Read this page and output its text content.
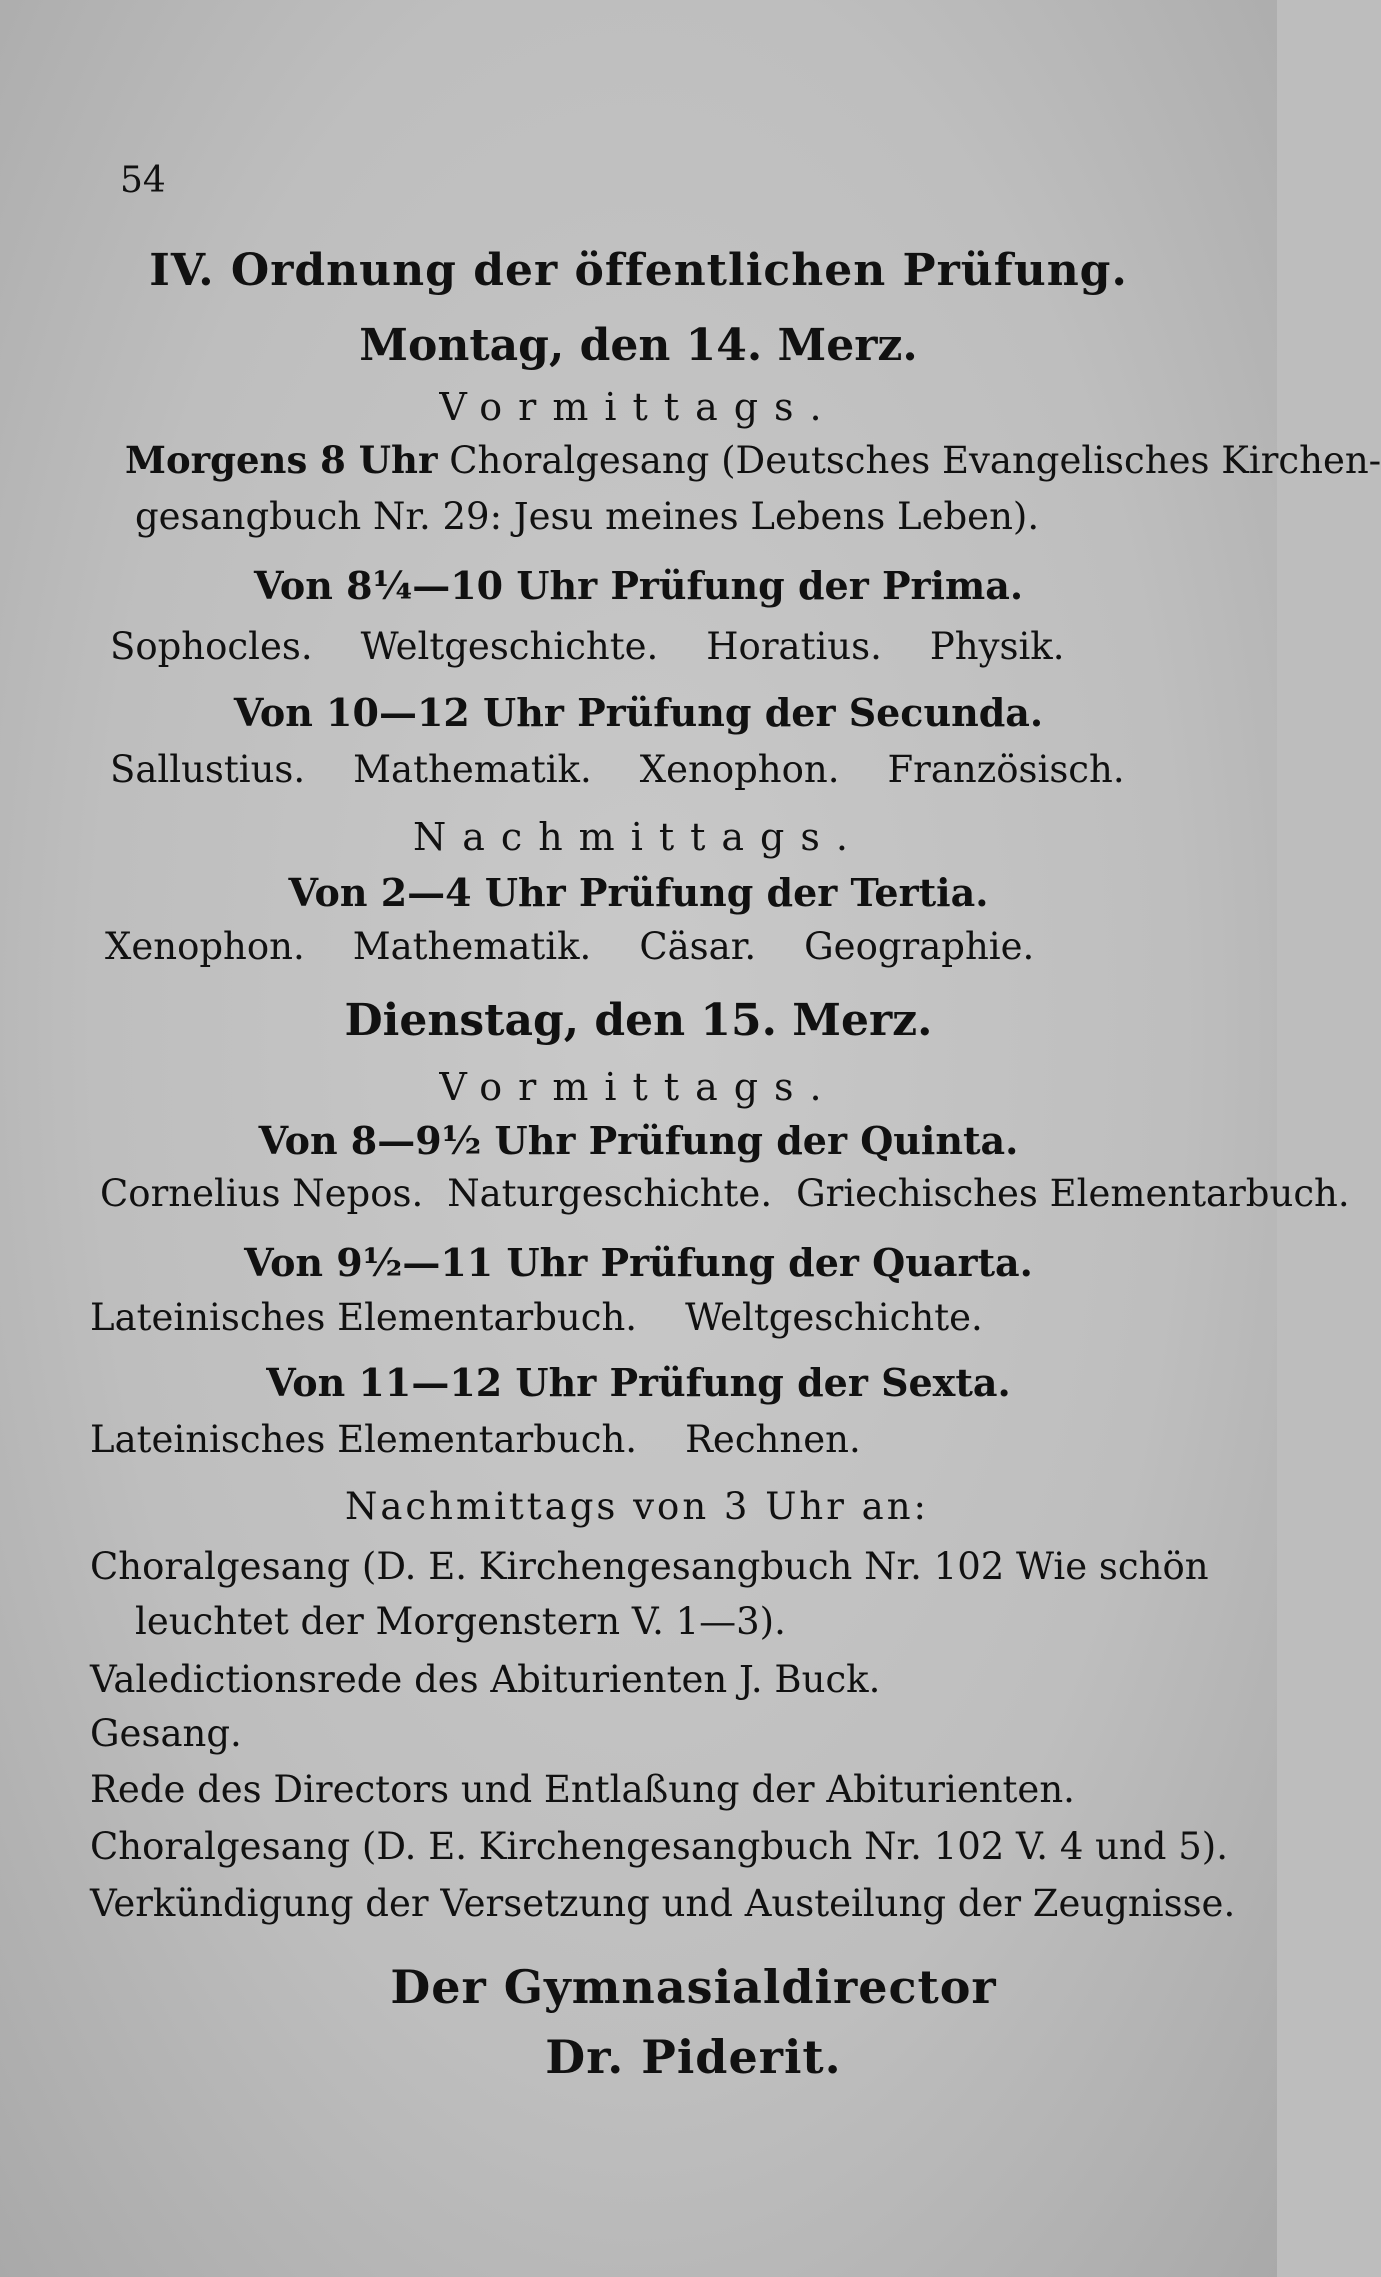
54
IV. Ordnung der öffentlichen Prüfung.
Montag, den 14. Merz.
Vormittags.
Morgens 8 Uhr Choralgesang (Deutsches Evangelisches Kirchen-
gesangbuch Nr. 29: Jesu meines Lebens Leben).
Von 8¼—10 Uhr Prüfung der Prima.
Sophocles. Weltgeschichte. Horatius. Physik.
Von 10—12 Uhr Prüfung der Secunda.
Sallustius. Mathematik. Xenophon. Französisch.
Nachmittags.
Von 2—4 Uhr Prüfung der Tertia.
Xenophon. Mathematik. Cäsar. Geographie.
Dienstag, den 15. Merz.
Vormittags.
Von 8—9½ Uhr Prüfung der Quinta.
Cornelius Nepos. Naturgeschichte. Griechisches Elementarbuch.
Von 9½—11 Uhr Prüfung der Quarta.
Lateinisches Elementarbuch. Weltgeschichte.
Von 11—12 Uhr Prüfung der Sexta.
Lateinisches Elementarbuch. Rechnen.
Nachmittags von 3 Uhr an:
Choralgesang (D. E. Kirchengesangbuch Nr. 102 Wie schön
leuchtet der Morgenstern V. 1—3).
Valedictionsrede des Abiturienten J. Buck.
Gesang.
Rede des Directors und Entlaßung der Abiturienten.
Choralgesang (D. E. Kirchengesangbuch Nr. 102 V. 4 und 5).
Verkündigung der Versetzung und Austeilung der Zeugnisse.
Der Gymnasialdirector
Dr. Piderit.
